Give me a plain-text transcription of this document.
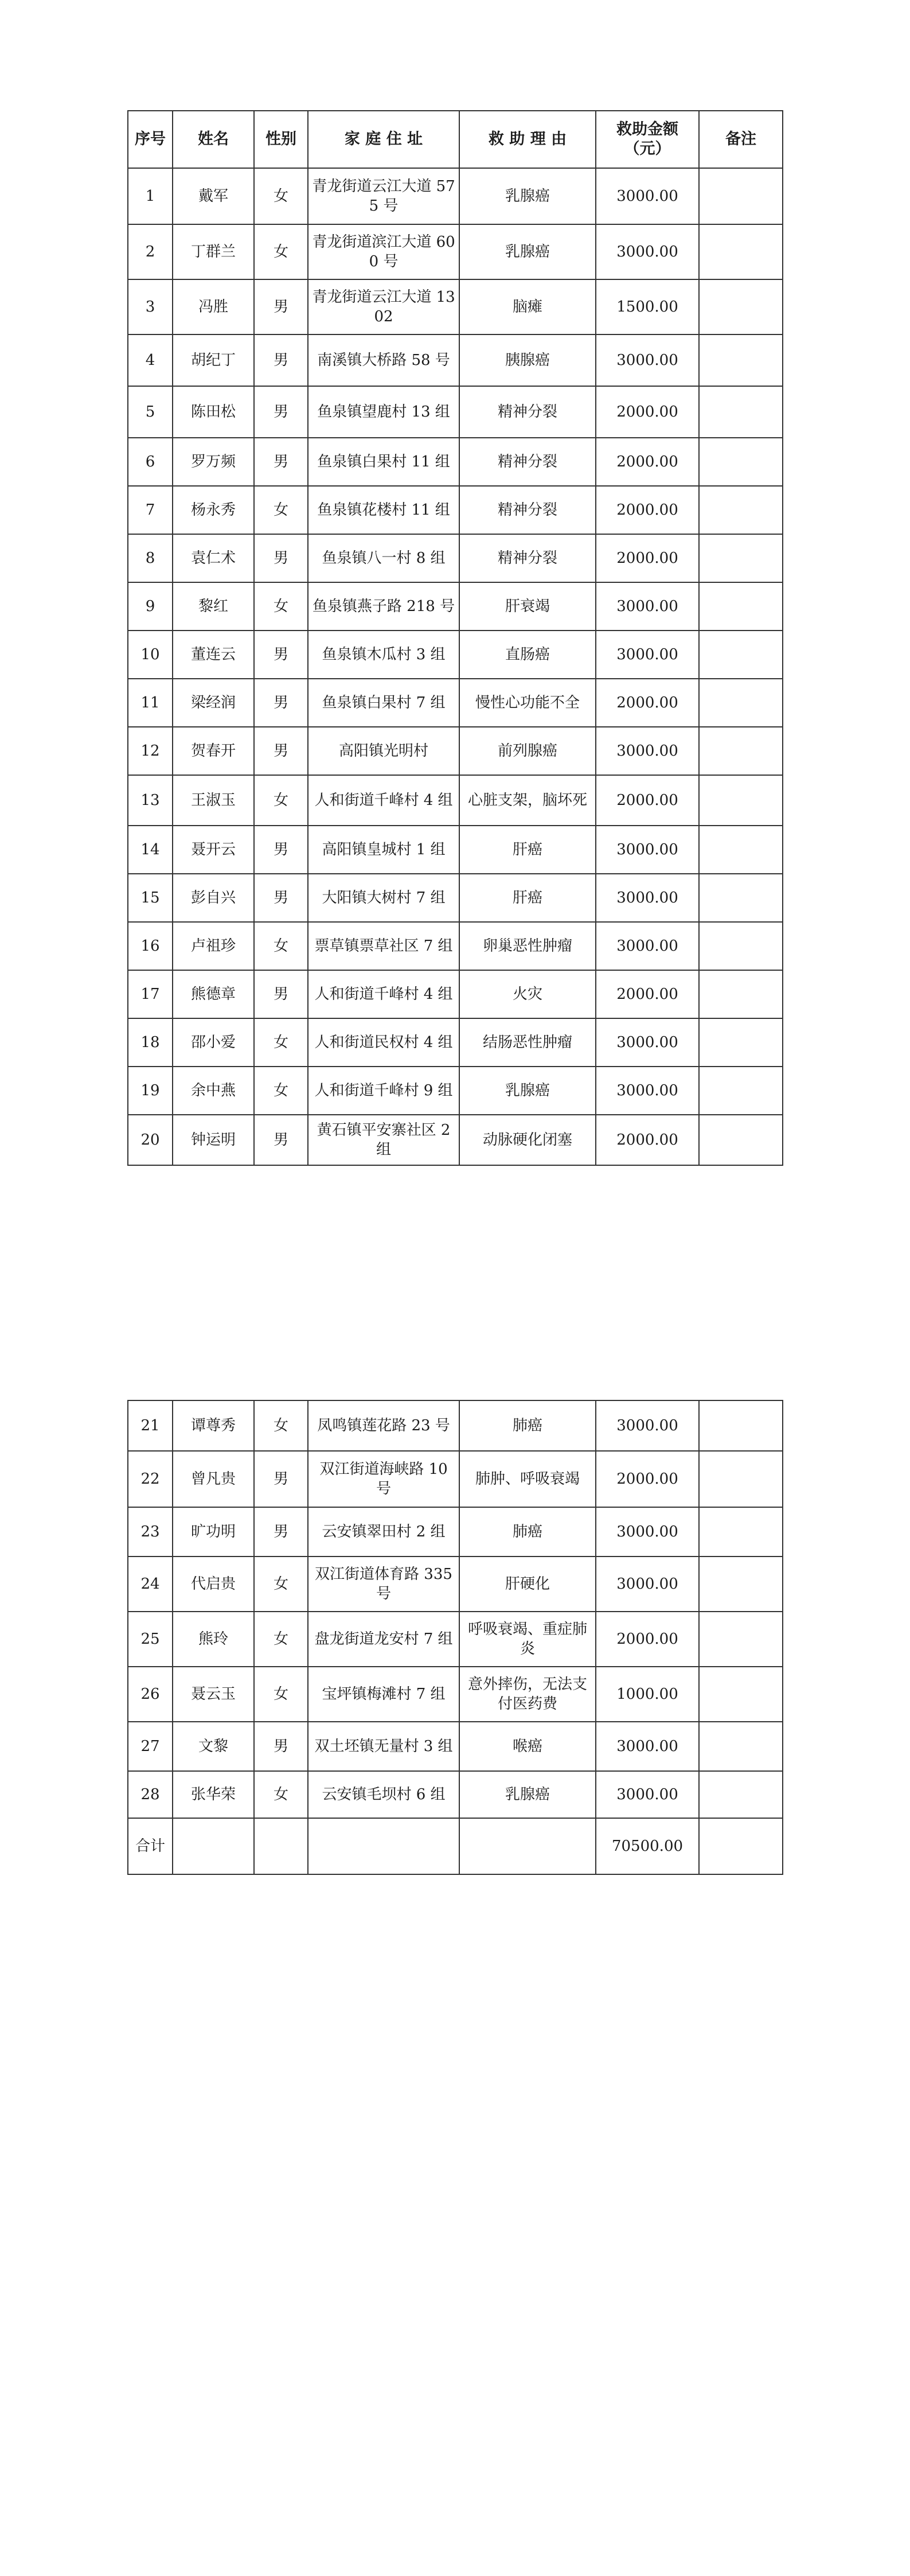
序号	姓名	性别	家 庭 住 址	救 助 理 由	救助金额（元）	备注
1	戴军	女	青龙街道云江大道 575 号	乳腺癌	3000.00	
2	丁群兰	女	青龙街道滨江大道 600 号	乳腺癌	3000.00	
3	冯胜	男	青龙街道云江大道 1302	脑瘫	1500.00	
4	胡纪丁	男	南溪镇大桥路 58 号	胰腺癌	3000.00	
5	陈田松	男	鱼泉镇望鹿村 13 组	精神分裂	2000.00	
6	罗万频	男	鱼泉镇白果村 11 组	精神分裂	2000.00	
7	杨永秀	女	鱼泉镇花楼村 11 组	精神分裂	2000.00	
8	袁仁术	男	鱼泉镇八一村 8 组	精神分裂	2000.00	
9	黎红	女	鱼泉镇燕子路 218 号	肝衰竭	3000.00	
10	董连云	男	鱼泉镇木瓜村 3 组	直肠癌	3000.00	
11	梁经润	男	鱼泉镇白果村 7 组	慢性心功能不全	2000.00	
12	贺春开	男	高阳镇光明村	前列腺癌	3000.00	
13	王淑玉	女	人和街道千峰村 4 组	心脏支架，脑坏死	2000.00	
14	聂开云	男	高阳镇皇城村 1 组	肝癌	3000.00	
15	彭自兴	男	大阳镇大树村 7 组	肝癌	3000.00	
16	卢祖珍	女	票草镇票草社区 7 组	卵巢恶性肿瘤	3000.00	
17	熊德章	男	人和街道千峰村 4 组	火灾	2000.00	
18	邵小爱	女	人和街道民权村 4 组	结肠恶性肿瘤	3000.00	
19	余中燕	女	人和街道千峰村 9 组	乳腺癌	3000.00	
20	钟运明	男	黄石镇平安寨社区 2 组	动脉硬化闭塞	2000.00	
21	谭尊秀	女	凤鸣镇莲花路 23 号	肺癌	3000.00	
22	曾凡贵	男	双江街道海峡路 10 号	肺肿、呼吸衰竭	2000.00	
23	旷功明	男	云安镇翠田村 2 组	肺癌	3000.00	
24	代启贵	女	双江街道体育路 335 号	肝硬化	3000.00	
25	熊玲	女	盘龙街道龙安村 7 组	呼吸衰竭、重症肺炎	2000.00	
26	聂云玉	女	宝坪镇梅滩村 7 组	意外摔伤，无法支付医药费	1000.00	
27	文黎	男	双土坯镇无量村 3 组	喉癌	3000.00	
28	张华荣	女	云安镇毛坝村 6 组	乳腺癌	3000.00	
合计					70500.00	
